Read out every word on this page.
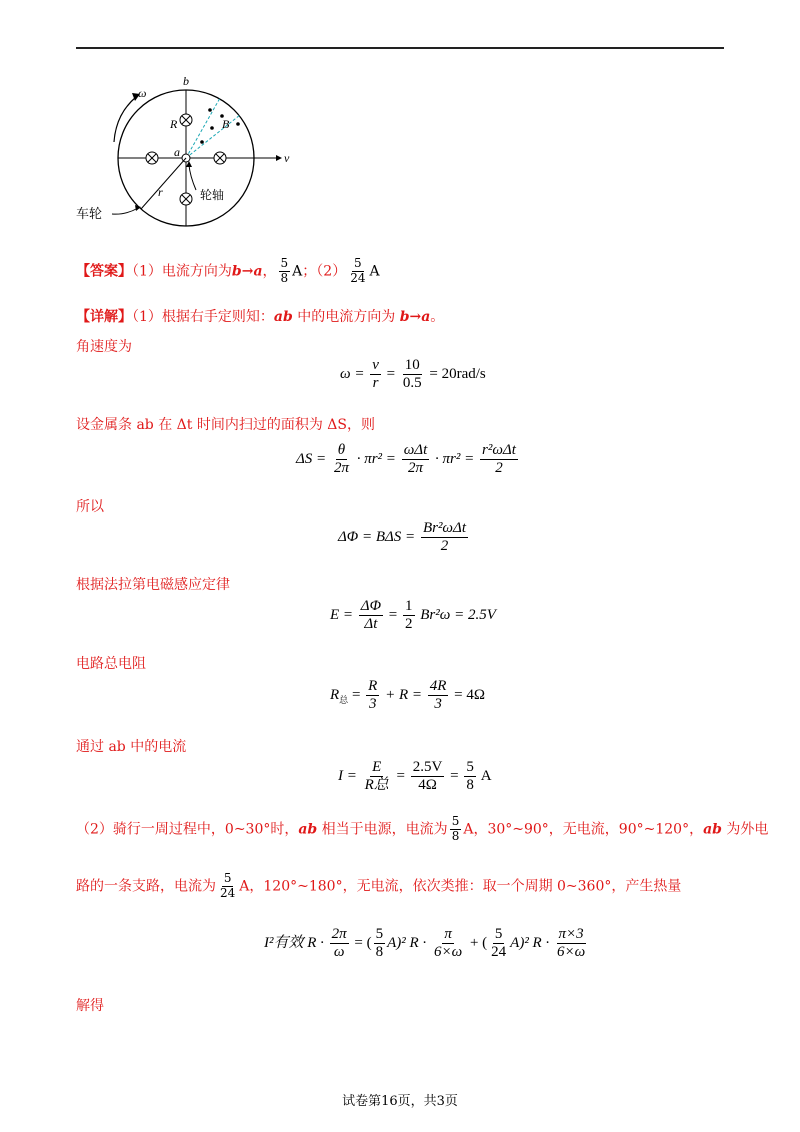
ω
b
R	B
a	v
r	轮轴
车轮
【答案】（1）电流方向为b→a， $\frac{5}{8}$ A；$(2) \frac{5}{24}$ A
【详解】（1）根据右手定则知：ab 中的电流方向为 b→a。
角速度为
$\omega = \frac{v}{r} = \frac{10}{0.5} = 20rad/s$
设金属条 ab 在 Δt 时间内扫过的面积为 ΔS，则
$\Delta S = \frac{\theta}{2\pi} \cdot \pi r^2 = \frac{\text{ωΔt}}{2\pi} \cdot \pi r^2 = \frac{\text{r²ωΔt}}{2}$
所以
$\Delta\Phi = B\Delta S = \frac{\text{Br²ωΔt}}{2}$
根据法拉第电磁感应定律
$E = \frac{\Delta\Phi}{\Delta t} = \frac{1}{2} Br^2\omega = 2.5V$
电路总电阻
$R_总 = \frac{R}{3} + R = \frac{4R}{3} = 4\Omega$
通过 ab 中的电流
$I = \frac{E}{\text{R总}} = \frac{2.5V}{4\Omega} = \frac{5}{8}$ A
（2）骑行一周过程中，0~30°时，ab 相当于电源，电流为 $\frac{5}{8}$ A，30°~90°，无电流，90°~120°，ab 为外电
路的一条支路，电流为 $\frac{5}{24}$ A，120°~180°，无电流，依次类推：取一个周期 0~360°，产生热量
I²有效 $R \cdot \frac{2\pi}{\omega}$ = ( $\frac{5}{8} A)^2$ $R \cdot \frac{\pi}{6\times\omega}$ + ( $\frac{5}{24} A)^2$ $R \cdot \frac{\pi\times 3}{6\times\omega}$
解得
试卷第16页，共3页
